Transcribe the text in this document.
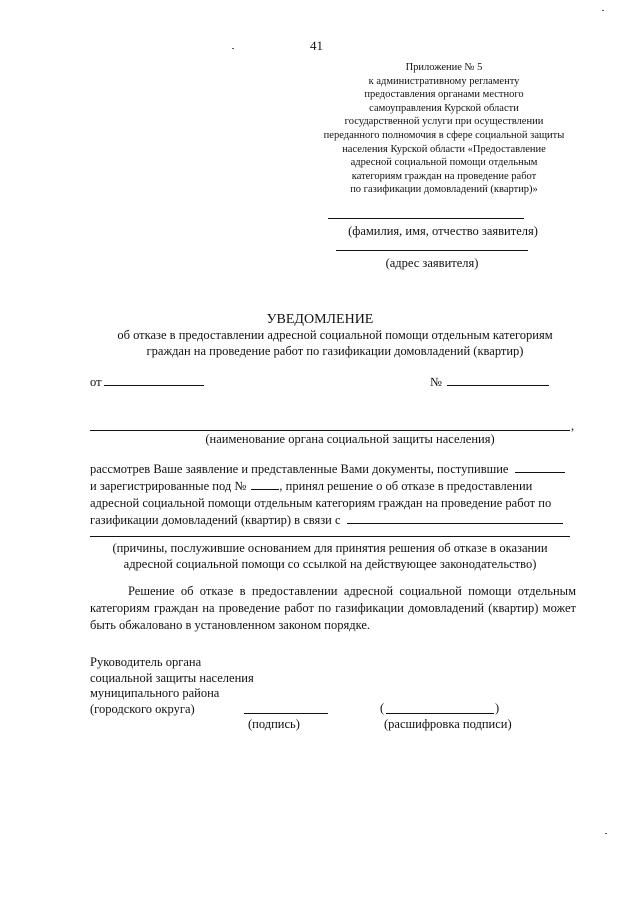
41
Приложение № 5
к административному регламенту
предоставления органами местного
самоуправления Курской области
государственной услуги при осуществлении
переданного полномочия в сфере социальной защиты
населения Курской области «Предоставление
адресной социальной помощи отдельным
категориям граждан на проведение работ
по газификации домовладений (квартир)»
(фамилия, имя, отчество заявителя)
(адрес заявителя)
УВЕДОМЛЕНИЕ
об отказе в предоставлении адресной социальной помощи отдельным категориям граждан на проведение работ по газификации домовладений (квартир)
от	№
,
(наименование органа социальной защиты населения)
рассмотрев Ваше заявление и представленные Вами документы, поступившие
и зарегистрированные под №	, принял решение о об отказе в предоставлении
адресной социальной помощи отдельным категориям граждан на проведение работ по
газификации домовладений (квартир) в связи с
(причины, послужившие основанием для принятия решения об отказе в оказании
адресной социальной помощи со ссылкой на действующее законодательство)
Решение об отказе в предоставлении адресной социальной помощи отдельным категориям граждан на проведение работ по газификации домовладений (квартир) может быть обжаловано в установленном законом порядке.
Руководитель органа
социальной защиты населения
муниципального района
(городского округа)
(подпись)
(	)
(расшифровка подписи)
